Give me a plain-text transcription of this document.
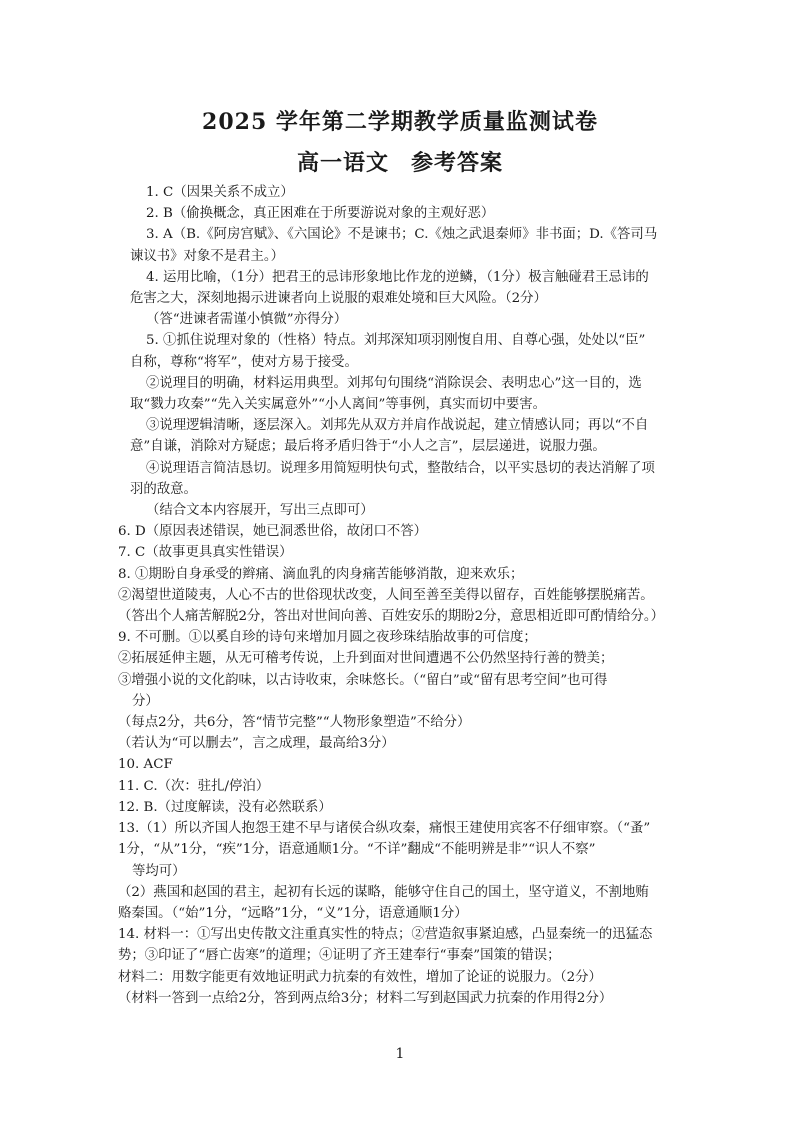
2025 学年第二学期教学质量监测试卷
高一语文 参考答案
1. C（因果关系不成立）
2. B（偷换概念，真正困难在于所要游说对象的主观好恶）
3. A（B.《阿房宫赋》、《六国论》不是谏书；C.《烛之武退秦师》非书面；D.《答司马
谏议书》对象不是君主。）
4. 运用比喻，（1分）把君王的忌讳形象地比作龙的逆鳞，（1分）极言触碰君王忌讳的
危害之大，深刻地揭示进谏者向上说服的艰难处境和巨大风险。（2分）
（答“进谏者需谨小慎微”亦得分）
5. ①抓住说理对象的（性格）特点。刘邦深知项羽刚愎自用、自尊心强，处处以“臣”
自称，尊称“将军”，使对方易于接受。
②说理目的明确，材料运用典型。刘邦句句围绕“消除误会、表明忠心”这一目的，选
取“戮力攻秦”“先入关实属意外”“小人离间”等事例，真实而切中要害。
③说理逻辑清晰，逐层深入。刘邦先从双方并肩作战说起，建立情感认同；再以“不自
意”自谦，消除对方疑虑；最后将矛盾归咎于“小人之言”，层层递进，说服力强。
④说理语言简洁恳切。说理多用简短明快句式，整散结合，以平实恳切的表达消解了项
羽的敌意。
（结合文本内容展开，写出三点即可）
6. D（原因表述错误，她已洞悉世俗，故闭口不答）
7. C（故事更具真实性错误）
8. ①期盼自身承受的辫痛、滴血乳的肉身痛苦能够消散，迎来欢乐；
②渴望世道陵夷，人心不古的世俗现状改变，人间至善至美得以留存，百姓能够摆脱痛苦。
（答出个人痛苦解脱2分，答出对世间向善、百姓安乐的期盼2分，意思相近即可酌情给分。）
9. 不可删。①以奚自珍的诗句来增加月圆之夜珍珠结胎故事的可信度；
②拓展延伸主题，从无可稽考传说，上升到面对世间遭遇不公仍然坚持行善的赞美；
③增强小说的文化韵味，以古诗收束，余味悠长。（“留白”或“留有思考空间”也可得
分）
（每点2分，共6分，答“情节完整”“人物形象塑造”不给分）
（若认为“可以删去”，言之成理，最高给3分）
10. ACF
11. C.（次：驻扎/停泊）
12. B.（过度解读，没有必然联系）
13.（1）所以齐国人抱怨王建不早与诸侯合纵攻秦，痛恨王建使用宾客不仔细审察。（“蚤”
1分，“从”1分，“疾”1分，语意通顺1分。“不详”翻成“不能明辨是非”“识人不察”
等均可）
（2）燕国和赵国的君主，起初有长远的谋略，能够守住自己的国土，坚守道义，不割地贿
赂秦国。（“始”1分，“远略”1分，“义”1分，语意通顺1分）
14. 材料一：①写出史传散文注重真实性的特点；②营造叙事紧迫感，凸显秦统一的迅猛态
势；③印证了“唇亡齿寒”的道理；④证明了齐王建奉行“事秦”国策的错误；
材料二：用数字能更有效地证明武力抗秦的有效性，增加了论证的说服力。（2分）
（材料一答到一点给2分，答到两点给3分；材料二写到赵国武力抗秦的作用得2分）
1
